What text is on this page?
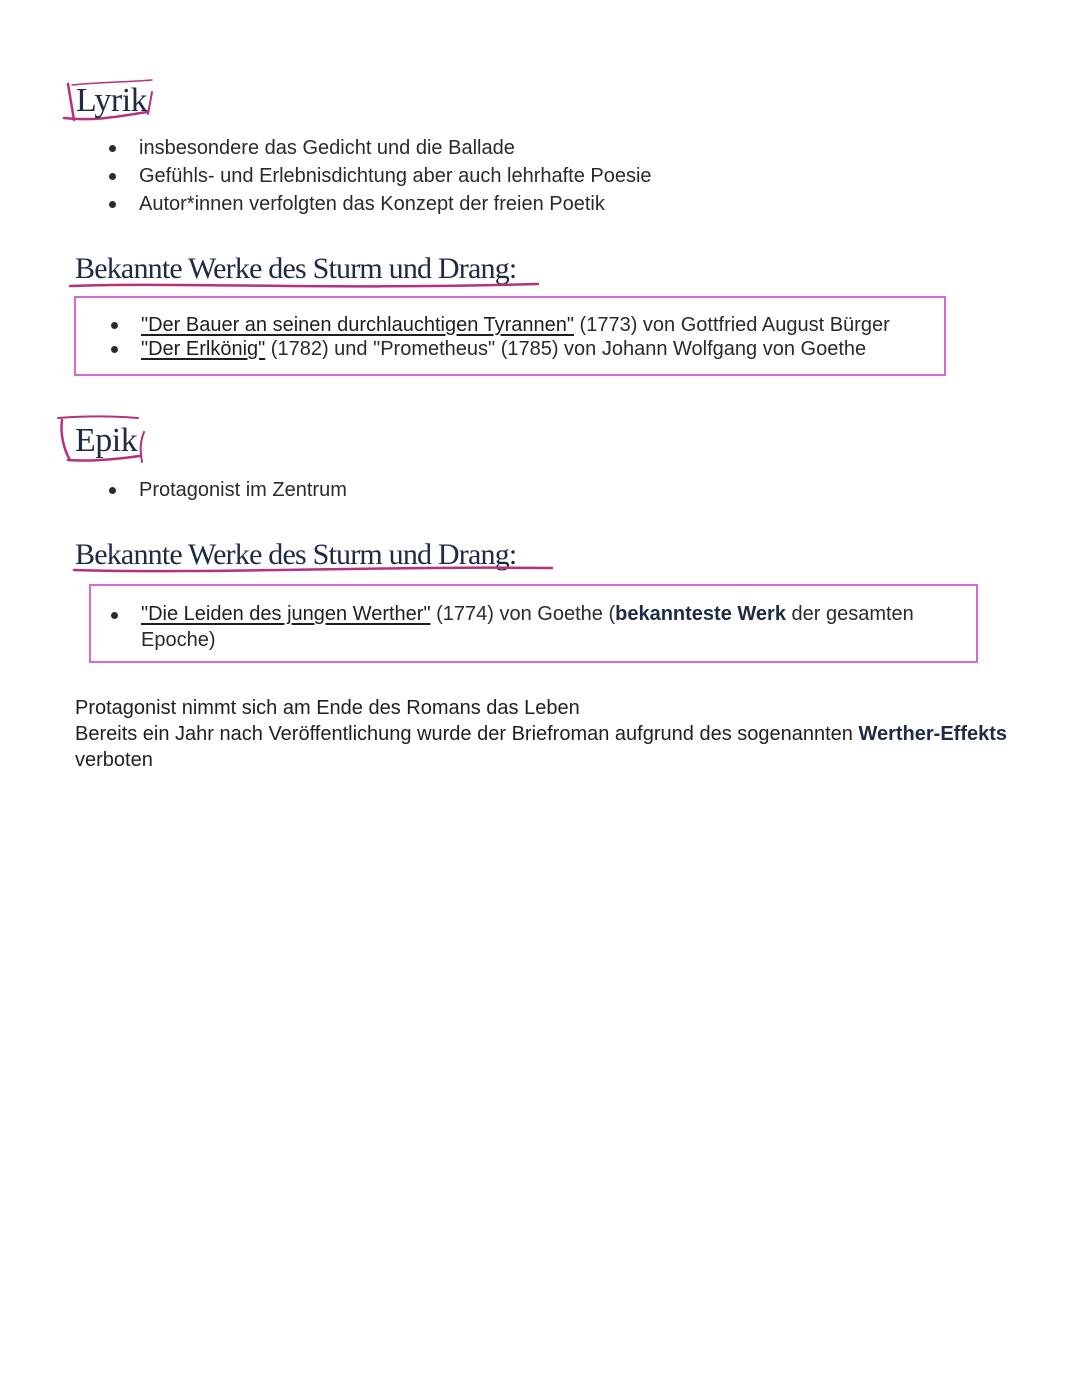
Lyrik
insbesondere das Gedicht und die Ballade
Gefühls- und Erlebnisdichtung aber auch lehrhafte Poesie
Autor*innen verfolgten das Konzept der freien Poetik
Bekannte Werke des Sturm und Drang:
"Der Bauer an seinen durchlauchtigen Tyrannen" (1773) von Gottfried August Bürger
"Der Erlkönig" (1782) und "Prometheus" (1785) von Johann Wolfgang von Goethe
Epik
Protagonist im Zentrum
Bekannte Werke des Sturm und Drang:
"Die Leiden des jungen Werther" (1774) von Goethe (bekannteste Werk der gesamten Epoche)
Protagonist nimmt sich am Ende des Romans das Leben
Bereits ein Jahr nach Veröffentlichung wurde der Briefroman aufgrund des sogenannten Werther-Effekts verboten
